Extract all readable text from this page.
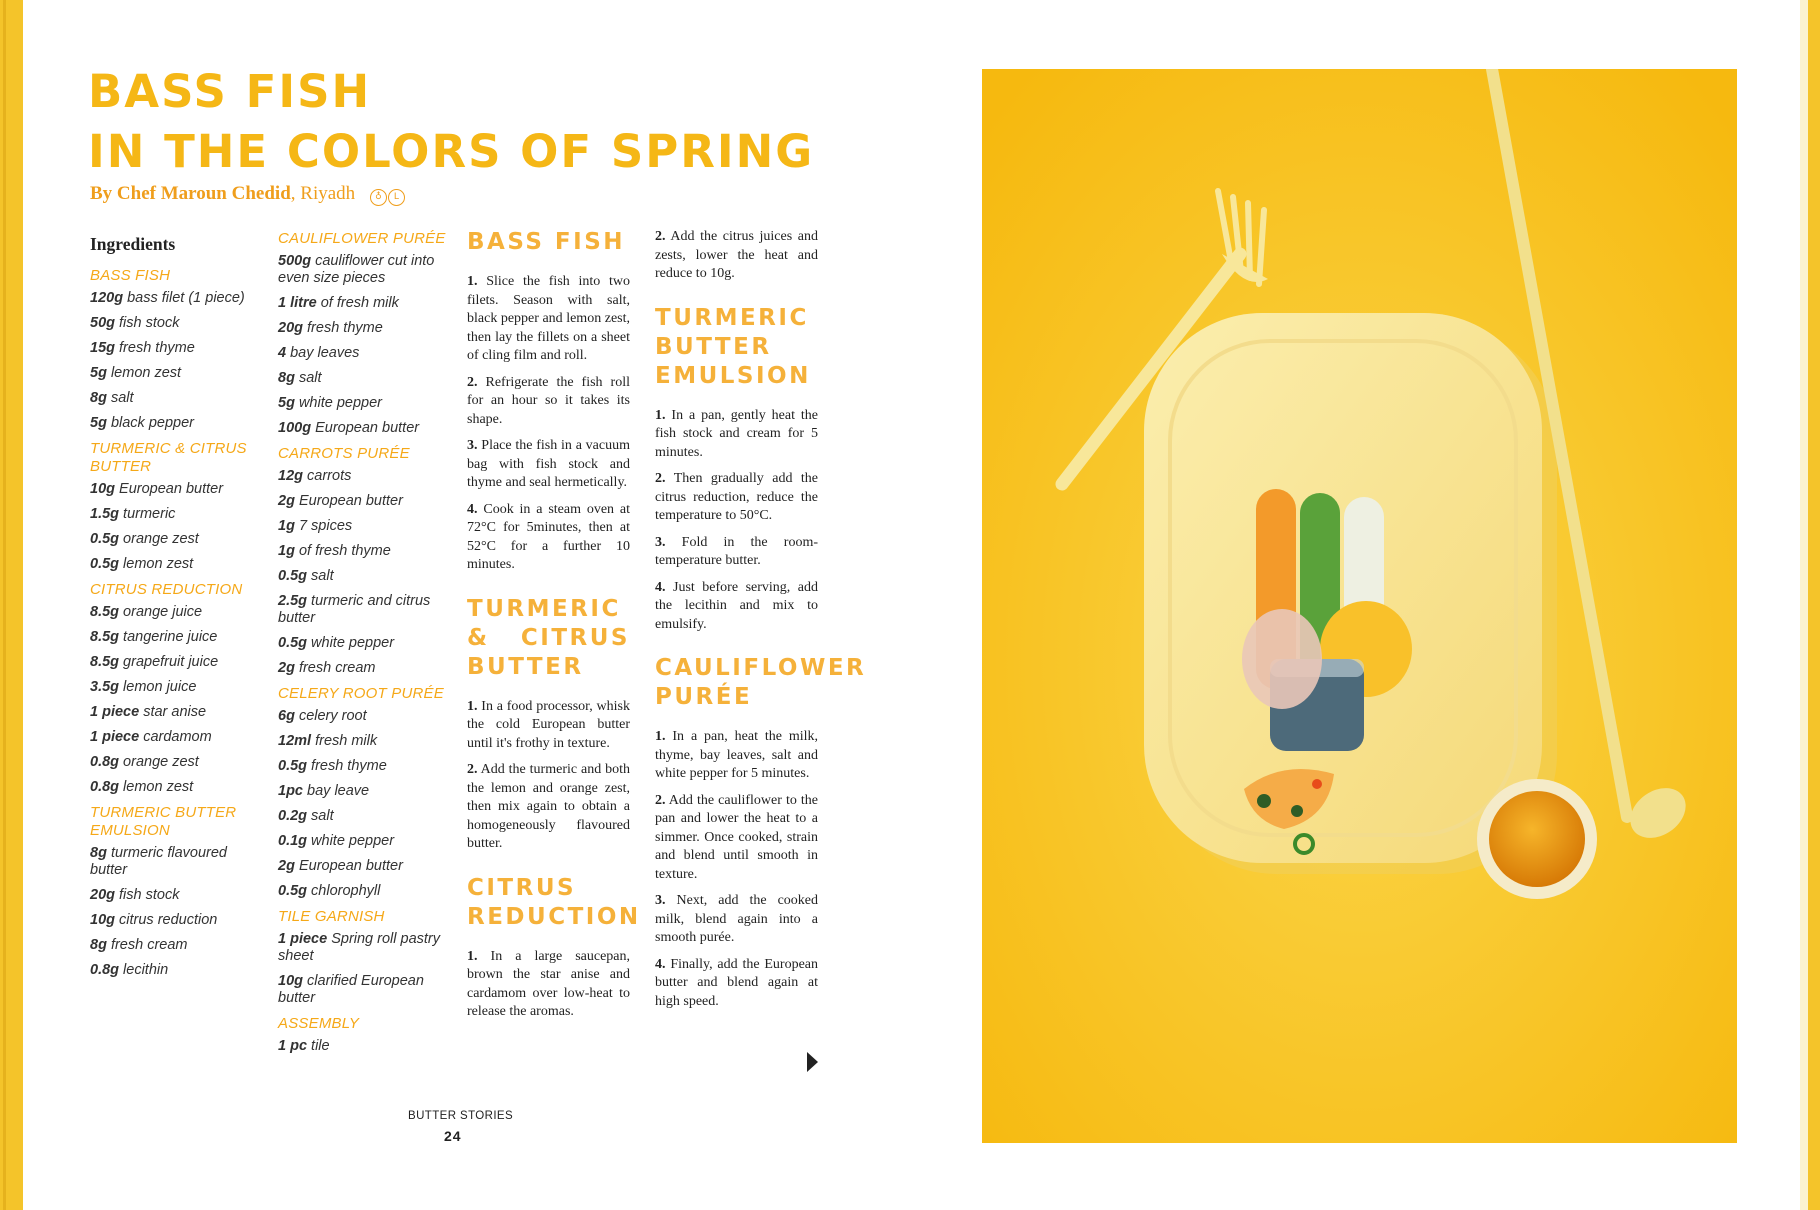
BASS FISH
IN THE COLORS OF SPRING
By Chef Maroun Chedid, Riyadh ♁ L
Ingredients
BASS FISH
120g bass filet (1 piece)
50g fish stock
15g fresh thyme
5g lemon zest
8g salt
5g black pepper
TURMERIC & CITRUS BUTTER
10g European butter
1.5g turmeric
0.5g orange zest
0.5g lemon zest
CITRUS REDUCTION
8.5g orange juice
8.5g tangerine juice
8.5g grapefruit juice
3.5g lemon juice
1 piece star anise
1 piece cardamom
0.8g orange zest
0.8g lemon zest
TURMERIC BUTTER EMULSION
8g turmeric flavoured butter
20g fish stock
10g citrus reduction
8g fresh cream
0.8g lecithin
CAULIFLOWER PURÉE
500g cauliflower cut into even size pieces
1 litre of fresh milk
20g fresh thyme
4 bay leaves
8g salt
5g white pepper
100g European butter
CARROTS PURÉE
12g carrots
2g European butter
1g 7 spices
1g of fresh thyme
0.5g salt
2.5g turmeric and citrus butter
0.5g white pepper
2g fresh cream
CELERY ROOT PURÉE
6g celery root
12ml fresh milk
0.5g fresh thyme
1pc bay leave
0.2g salt
0.1g white pepper
2g European butter
0.5g chlorophyll
TILE GARNISH
1 piece Spring roll pastry sheet
10g clarified European butter
ASSEMBLY
1 pc tile
BASS FISH

1. Slice the fish into two filets. Season with salt, black pepper and lemon zest, then lay the fillets on a sheet of cling film and roll.

2. Refrigerate the fish roll for an hour so it takes its shape.

3. Place the fish in a vacuum bag with fish stock and thyme and seal hermetically.

4. Cook in a steam oven at 72°C for 5minutes, then at 52°C for a further 10 minutes.

TURMERIC & CITRUS BUTTER

1. In a food processor, whisk the cold European butter until it's frothy in texture.

2. Add the turmeric and both the lemon and orange zest, then mix again to obtain a homogeneously flavoured butter.

CITRUS REDUCTION

1. In a large saucepan, brown the star anise and cardamom over low-heat to release the aromas.

2. Add the citrus juices and zests, lower the heat and reduce to 10g.

TURMERIC BUTTER EMULSION

1. In a pan, gently heat the fish stock and cream for 5 minutes.

2. Then gradually add the citrus reduction, reduce the temperature to 50°C.

3. Fold in the room-temperature butter.

4. Just before serving, add the lecithin and mix to emulsify.

CAULIFLOWER PURÉE

1. In a pan, heat the milk, thyme, bay leaves, salt and white pepper for 5 minutes.

2. Add the cauliflower to the pan and lower the heat to a simmer. Once cooked, strain and blend until smooth in texture.

3. Next, add the cooked milk, blend again into a smooth purée.

4. Finally, add the European butter and blend again at high speed.

BUTTER STORIES
24
